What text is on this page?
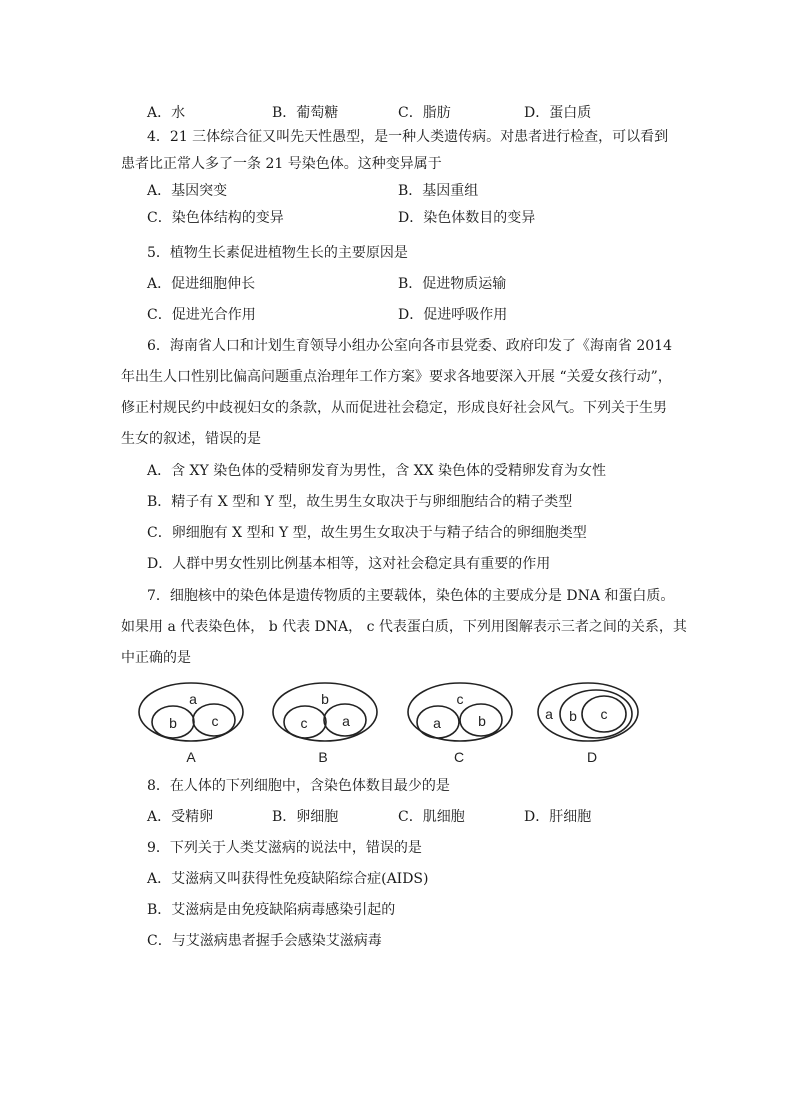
A．水	B．葡萄糖	C．脂肪	D．蛋白质
4．21 三体综合征又叫先天性愚型，是一种人类遗传病。对患者进行检查，可以看到
患者比正常人多了一条 21 号染色体。这种变异属于
A．基因突变	B．基因重组
C．染色体结构的变异	D．染色体数目的变异
5．植物生长素促进植物生长的主要原因是
A．促进细胞伸长	B．促进物质运输
C．促进光合作用	D．促进呼吸作用
6．海南省人口和计划生育领导小组办公室向各市县党委、政府印发了《海南省 2014
年出生人口性别比偏高问题重点治理年工作方案》要求各地要深入开展 “关爱女孩行动”，
修正村规民约中歧视妇女的条款，从而促进社会稳定，形成良好社会风气。下列关于生男
生女的叙述，错误的是
A．含 XY 染色体的受精卵发育为男性，含 XX 染色体的受精卵发育为女性
B．精子有 X 型和 Y 型，故生男生女取决于与卵细胞结合的精子类型
C．卵细胞有 X 型和 Y 型，故生男生女取决于与精子结合的卵细胞类型
D．人群中男女性别比例基本相等，这对社会稳定具有重要的作用
7．细胞核中的染色体是遗传物质的主要载体，染色体的主要成分是 DNA 和蛋白质。
如果用 a 代表染色体， b 代表 DNA， c 代表蛋白质，下列用图解表示三者之间的关系，其
中正确的是
a
b c
A
b
c a
B
c
a	b
C
a b c
D
8．在人体的下列细胞中，含染色体数目最少的是
A．受精卵	B．卵细胞	C．肌细胞	D．肝细胞
9．下列关于人类艾滋病的说法中，错误的是
A．艾滋病又叫获得性免疫缺陷综合症(AIDS)
B．艾滋病是由免疫缺陷病毒感染引起的
C．与艾滋病患者握手会感染艾滋病毒
